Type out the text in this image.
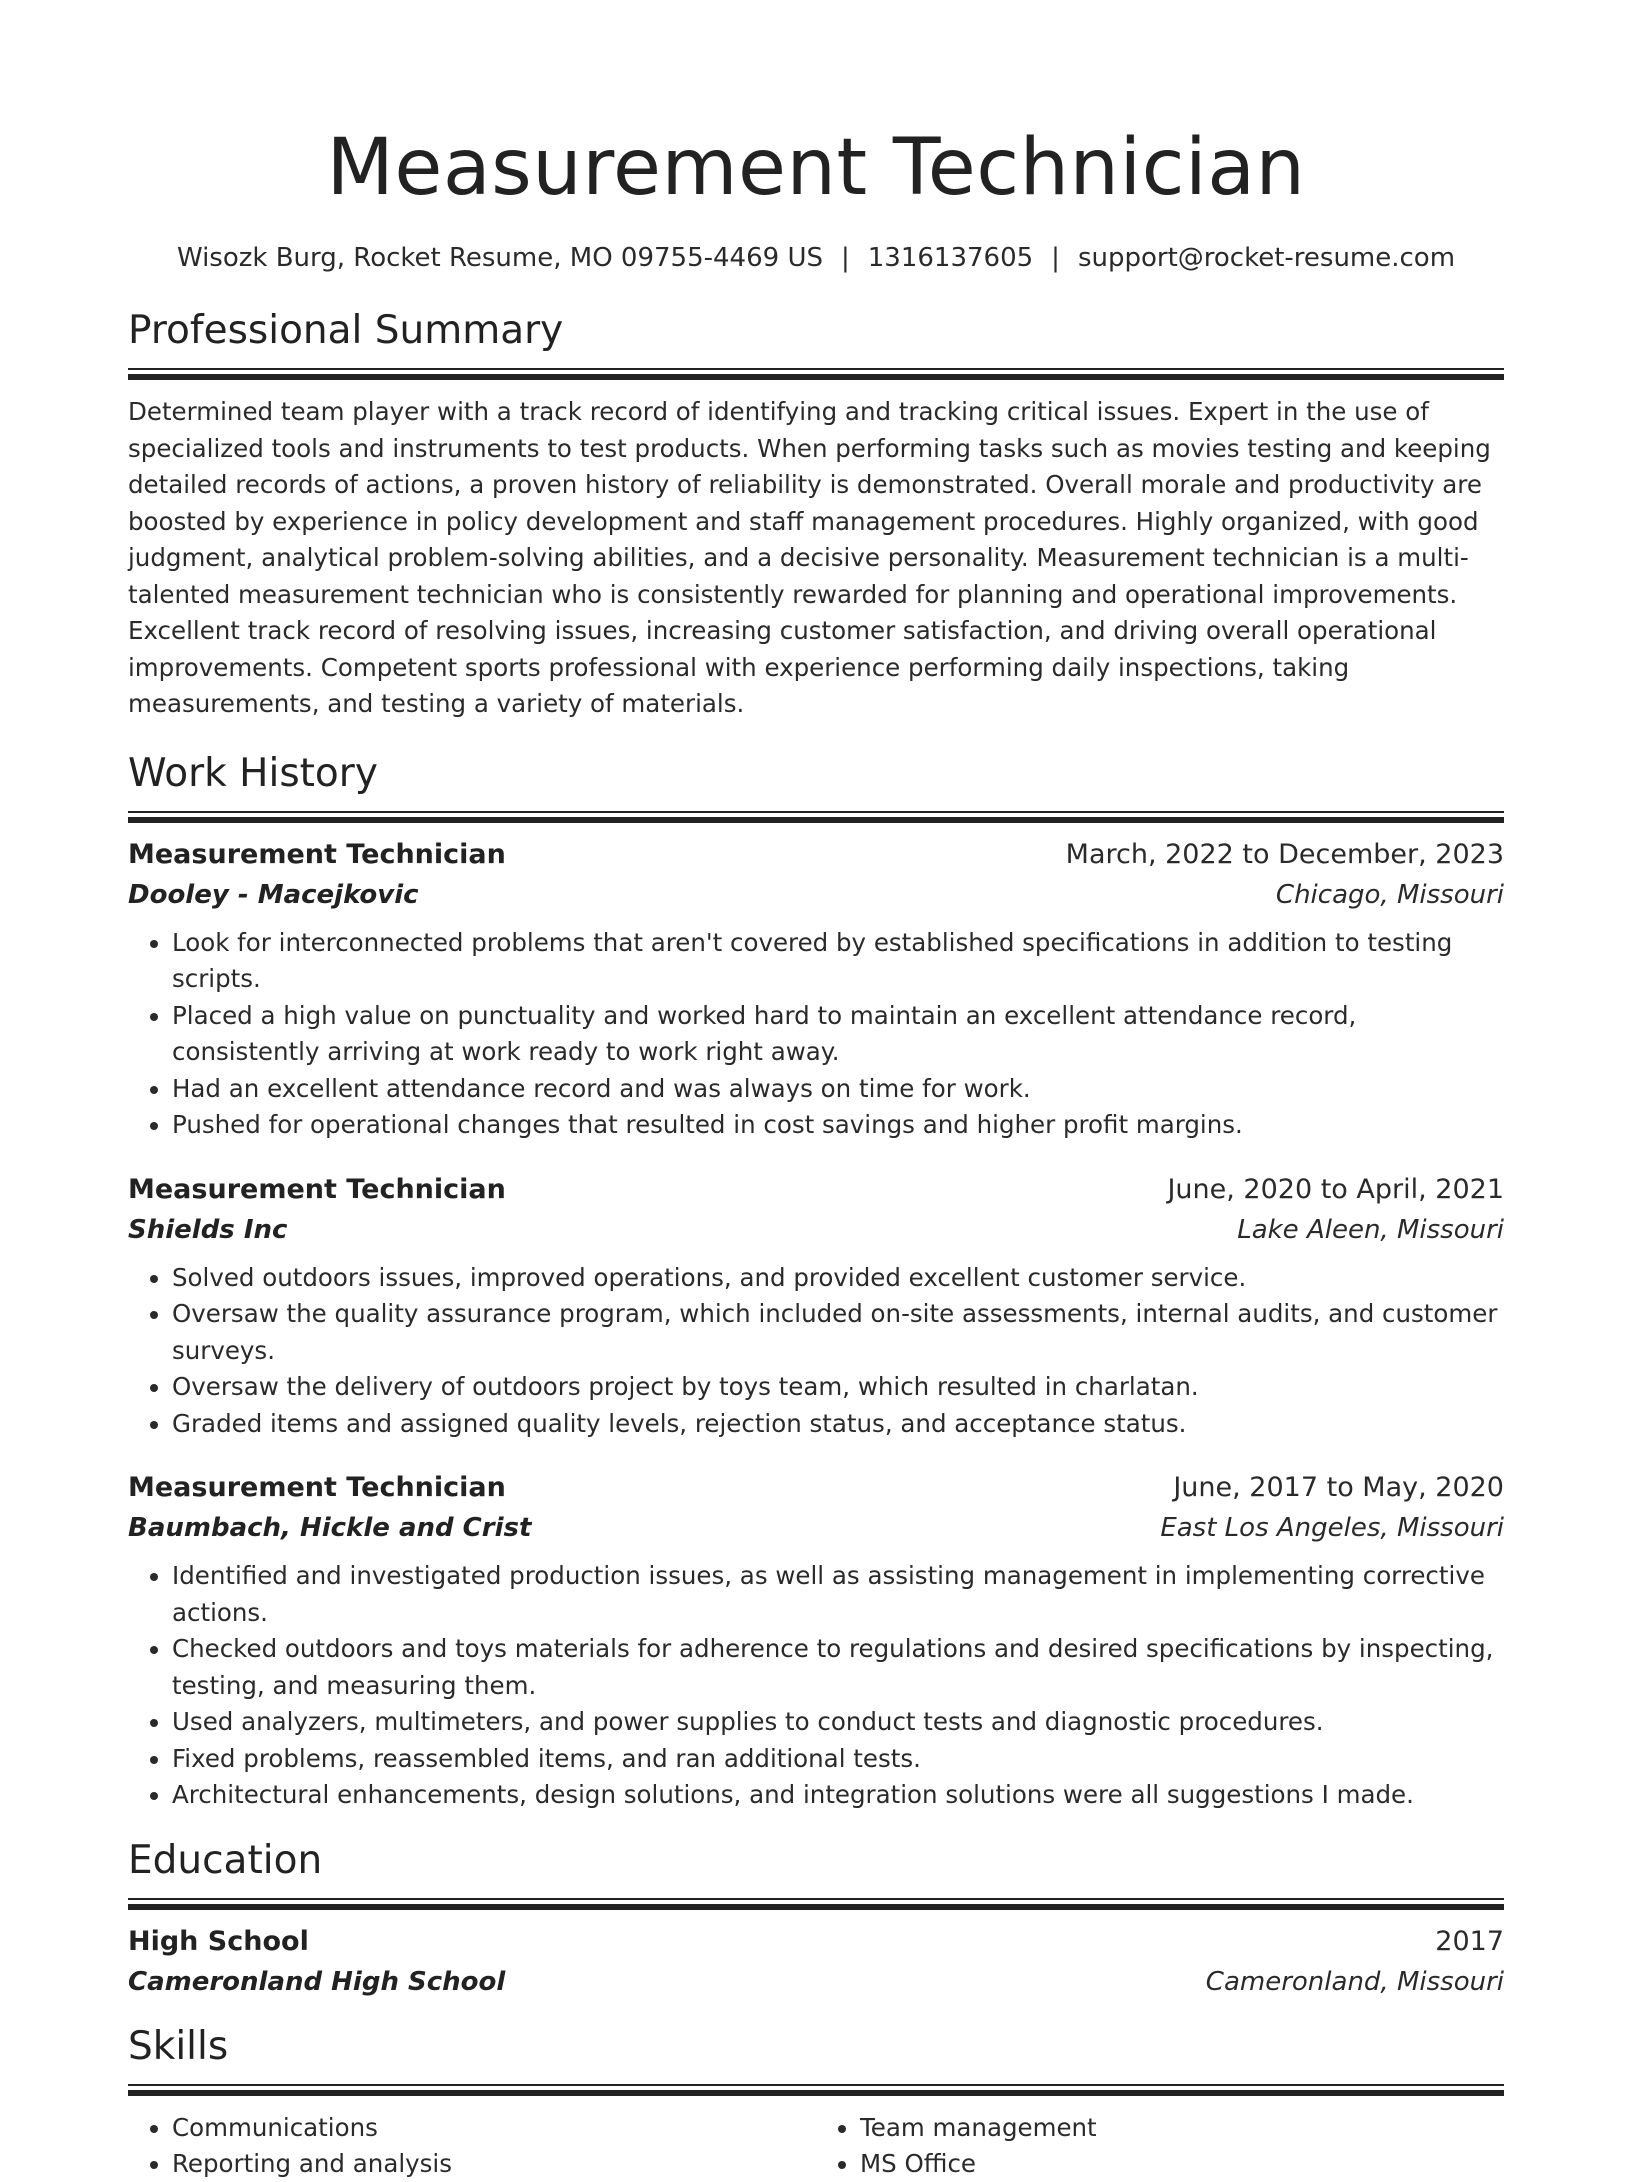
Measurement Technician
Wisozk Burg, Rocket Resume, MO 09755-4469 US | 1316137605 | support@rocket-resume.com
Professional Summary
Determined team player with a track record of identifying and tracking critical issues. Expert in the use of specialized tools and instruments to test products. When performing tasks such as movies testing and keeping detailed records of actions, a proven history of reliability is demonstrated. Overall morale and productivity are boosted by experience in policy development and staff management procedures. Highly organized, with good judgment, analytical problem-solving abilities, and a decisive personality. Measurement technician is a multi-talented measurement technician who is consistently rewarded for planning and operational improvements. Excellent track record of resolving issues, increasing customer satisfaction, and driving overall operational improvements. Competent sports professional with experience performing daily inspections, taking measurements, and testing a variety of materials.
Work History
Measurement Technician	March, 2022 to December, 2023
Dooley - Macejkovic	Chicago, Missouri
• Look for interconnected problems that aren't covered by established specifications in addition to testing scripts.
• Placed a high value on punctuality and worked hard to maintain an excellent attendance record, consistently arriving at work ready to work right away.
• Had an excellent attendance record and was always on time for work.
• Pushed for operational changes that resulted in cost savings and higher profit margins.
Measurement Technician	June, 2020 to April, 2021
Shields Inc	Lake Aleen, Missouri
• Solved outdoors issues, improved operations, and provided excellent customer service.
• Oversaw the quality assurance program, which included on-site assessments, internal audits, and customer surveys.
• Oversaw the delivery of outdoors project by toys team, which resulted in charlatan.
• Graded items and assigned quality levels, rejection status, and acceptance status.
Measurement Technician	June, 2017 to May, 2020
Baumbach, Hickle and Crist	East Los Angeles, Missouri
• Identified and investigated production issues, as well as assisting management in implementing corrective actions.
• Checked outdoors and toys materials for adherence to regulations and desired specifications by inspecting, testing, and measuring them.
• Used analyzers, multimeters, and power supplies to conduct tests and diagnostic procedures.
• Fixed problems, reassembled items, and ran additional tests.
• Architectural enhancements, design solutions, and integration solutions were all suggestions I made.
Education
High School	2017
Cameronland High School	Cameronland, Missouri
Skills
• Communications
• Reporting and analysis
• Team management
• MS Office
